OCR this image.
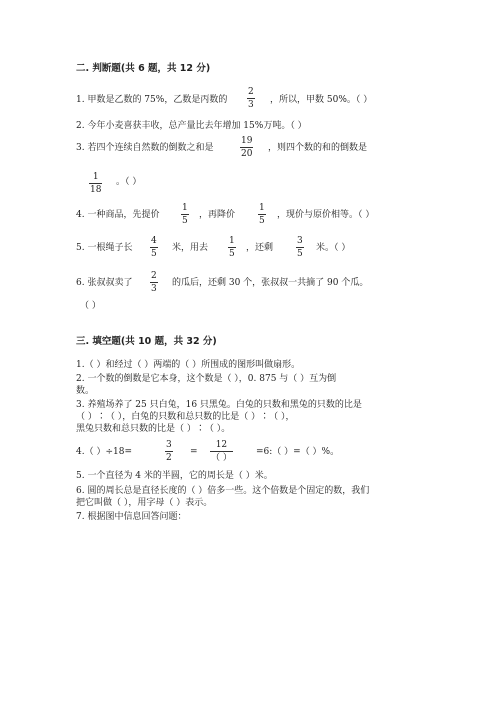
二. 判断题(共 6 题，共 12 分)
1. 甲数是乙数的 75%，乙数是丙数的
2
3 ，所以，甲数 50%。（ ）
2. 今年小麦喜获丰收，总产量比去年增加 15%万吨。（ ）
3. 若四个连续自然数的倒数之和是
19
20
，则四个数的和的倒数是
1
18
。（ ）
4. 一种商品，先提价
1
5
，再降价
1
5
，现价与原价相等。（ ）
5. 一根绳子长
4
5
米，用去
1
5
，还剩
3
5
米。（ ）
6. 张叔叔卖了
2
3
的瓜后，还剩 30 个，张叔叔一共摘了 90 个瓜。
（ ）
三. 填空题(共 10 题，共 32 分)
1.（ ）和经过（ ）两端的（ ）所围成的图形叫做扇形。
2. 一个数的倒数是它本身，这个数是（ ），0. 875 与（ ）互为倒
数。
3. 养殖场养了 25 只白兔，16 只黑兔。白兔的只数和黑兔的只数的比是
（ ）∶（ ），白兔的只数和总只数的比是（ ）∶（ ），
黑兔只数和总只数的比是（ ）∶（ ）。
4.（ ）÷18=
3
2
=
12
（ ）
=6:（ ）=（ ）%。
5. 一个直径为 4 米的半圆，它的周长是（ ）米。
6. 圆的周长总是直径长度的（ ）倍多一些。这个倍数是个固定的数，我们
把它叫做（ ），用字母（ ）表示。
7. 根据图中信息回答问题：
